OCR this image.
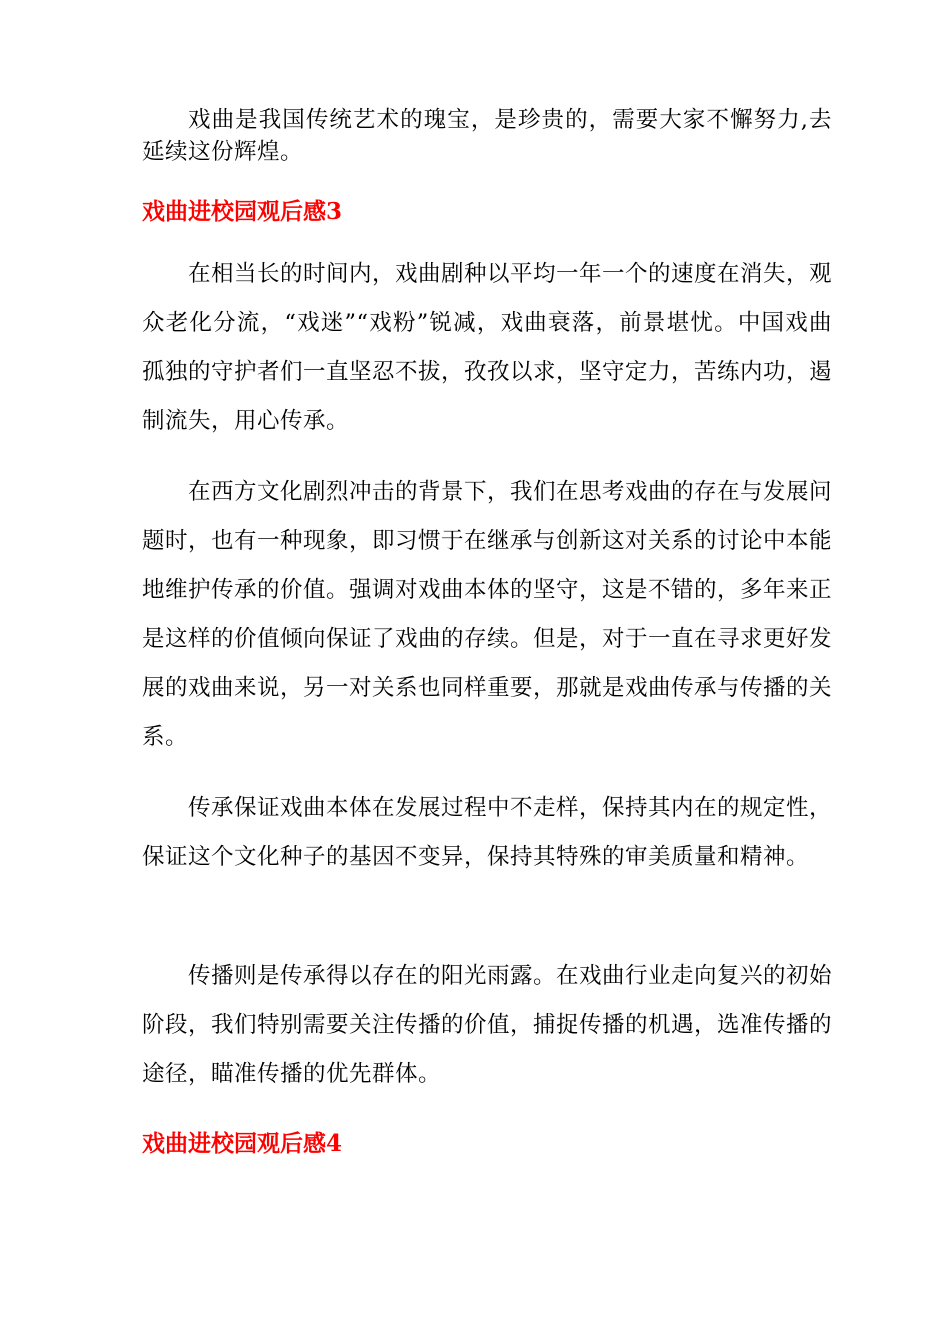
戏曲是我国传统艺术的瑰宝，是珍贵的，需要大家不懈努力,去延续这份辉煌。

戏曲进校园观后感3

在相当长的时间内，戏曲剧种以平均一年一个的速度在消失，观众老化分流，“戏迷”“戏粉”锐减，戏曲衰落，前景堪忧。中国戏曲孤独的守护者们一直坚忍不拔，孜孜以求，坚守定力，苦练内功，遏制流失，用心传承。

在西方文化剧烈冲击的背景下，我们在思考戏曲的存在与发展问题时，也有一种现象，即习惯于在继承与创新这对关系的讨论中本能地维护传承的价值。强调对戏曲本体的坚守，这是不错的，多年来正是这样的价值倾向保证了戏曲的存续。但是，对于一直在寻求更好发展的戏曲来说，另一对关系也同样重要，那就是戏曲传承与传播的关系。

传承保证戏曲本体在发展过程中不走样，保持其内在的规定性，保证这个文化种子的基因不变异，保持其特殊的审美质量和精神。

传播则是传承得以存在的阳光雨露。在戏曲行业走向复兴的初始阶段，我们特别需要关注传播的价值，捕捉传播的机遇，选准传播的途径，瞄准传播的优先群体。

戏曲进校园观后感4
